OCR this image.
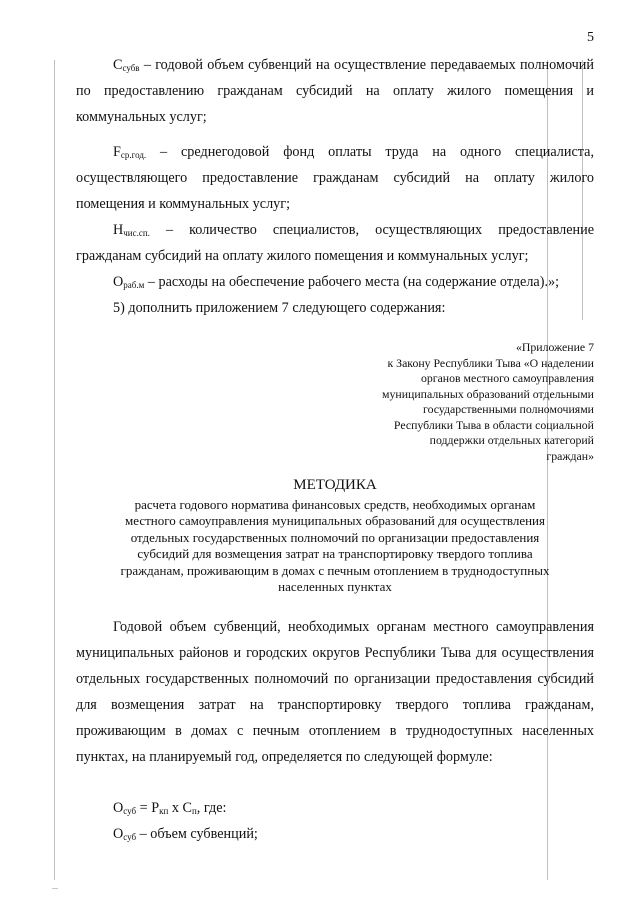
5

$С_{субв}$ – годовой объем субвенций на осуществление передаваемых полномочий по предоставлению гражданам субсидий на оплату жилого помещения и коммунальных услуг;

$F_{ср.год.}$ – среднегодовой фонд оплаты труда на одного специалиста, осуществляющего предоставление гражданам субсидий на оплату жилого помещения и коммунальных услуг;

$Н_{чис.сп.}$ – количество специалистов, осуществляющих предоставление гражданам субсидий на оплату жилого помещения и коммунальных услуг;

$О_{раб.м}$ – расходы на обеспечение рабочего места (на содержание отдела).»;

5) дополнить приложением 7 следующего содержания:

«Приложение 7
к Закону Республики Тыва «О наделении
органов местного самоуправления
муниципальных образований отдельными
государственными полномочиями
Республики Тыва в области социальной
поддержки отдельных категорий
граждан»
МЕТОДИКА
расчета годового норматива финансовых средств, необходимых органам
местного самоуправления муниципальных образований для осуществления
отдельных государственных полномочий по организации предоставления
субсидий для возмещения затрат на транспортировку твердого топлива
гражданам, проживающим в домах с печным отоплением в труднодоступных
населенных пунктах

Годовой объем субвенций, необходимых органам местного самоуправления муниципальных районов и городских округов Республики Тыва для осуществления отдельных государственных полномочий по организации предоставления субсидий для возмещения затрат на транспортировку твердого топлива гражданам, проживающим в домах с печным отоплением в труднодоступных населенных пунктах, на планируемый год, определяется по следующей формуле:

$О_{суб} = Р_{кп}$ х $С_п$, где:

$О_{суб}$ – объем субвенций;
